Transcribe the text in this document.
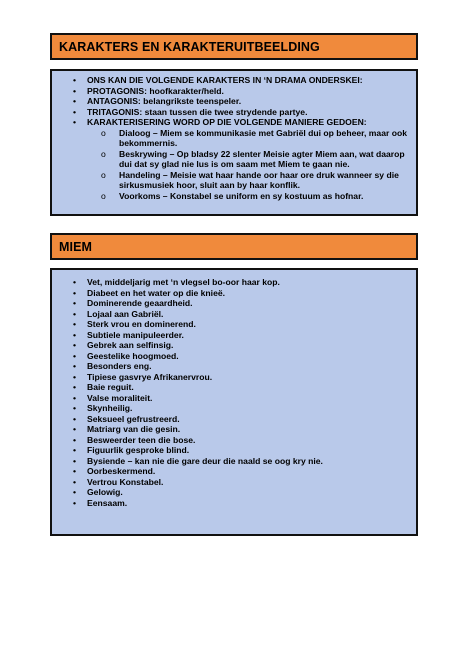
KARAKTERS EN KARAKTERUITBEELDING
• ONS KAN DIE VOLGENDE KARAKTERS IN ‘N DRAMA ONDERSKEI:
• PROTAGONIS: hoofkarakter/held.
• ANTAGONIS: belangrikste teenspeler.
• TRITAGONIS: staan tussen die twee strydende partye.
• KARAKTERISERING WORD OP DIE VOLGENDE MANIERE GEDOEN:
o Dialoog – Miem se kommunikasie met Gabriël dui op beheer, maar ook bekommernis.
o Beskrywing – Op bladsy 22 slenter Meisie agter Miem aan, wat daarop dui dat sy glad nie lus is om saam met Miem te gaan nie.
o Handeling – Meisie wat haar hande oor haar ore druk wanneer sy die sirkusmusiek hoor, sluit aan by haar konflik.
o Voorkoms – Konstabel se uniform en sy kostuum as hofnar.
MIEM
• Vet, middeljarig met ‘n vlegsel bo-oor haar kop.
• Diabeet en het water op die knieë.
• Dominerende geaardheid.
• Lojaal aan Gabriël.
• Sterk vrou en dominerend.
• Subtiele manipuleerder.
• Gebrek aan selfinsig.
• Geestelike hoogmoed.
• Besonders eng.
• Tipiese gasvrye Afrikanervrou.
• Baie reguit.
• Valse moraliteit.
• Skynheilig.
• Seksueel gefrustreerd.
• Matriarg van die gesin.
• Besweerder teen die bose.
• Figuurlik gesproke blind.
• Bysiende – kan nie die gare deur die naald se oog kry nie.
• Oorbeskermend.
• Vertrou Konstabel.
• Gelowig.
• Eensaam.
